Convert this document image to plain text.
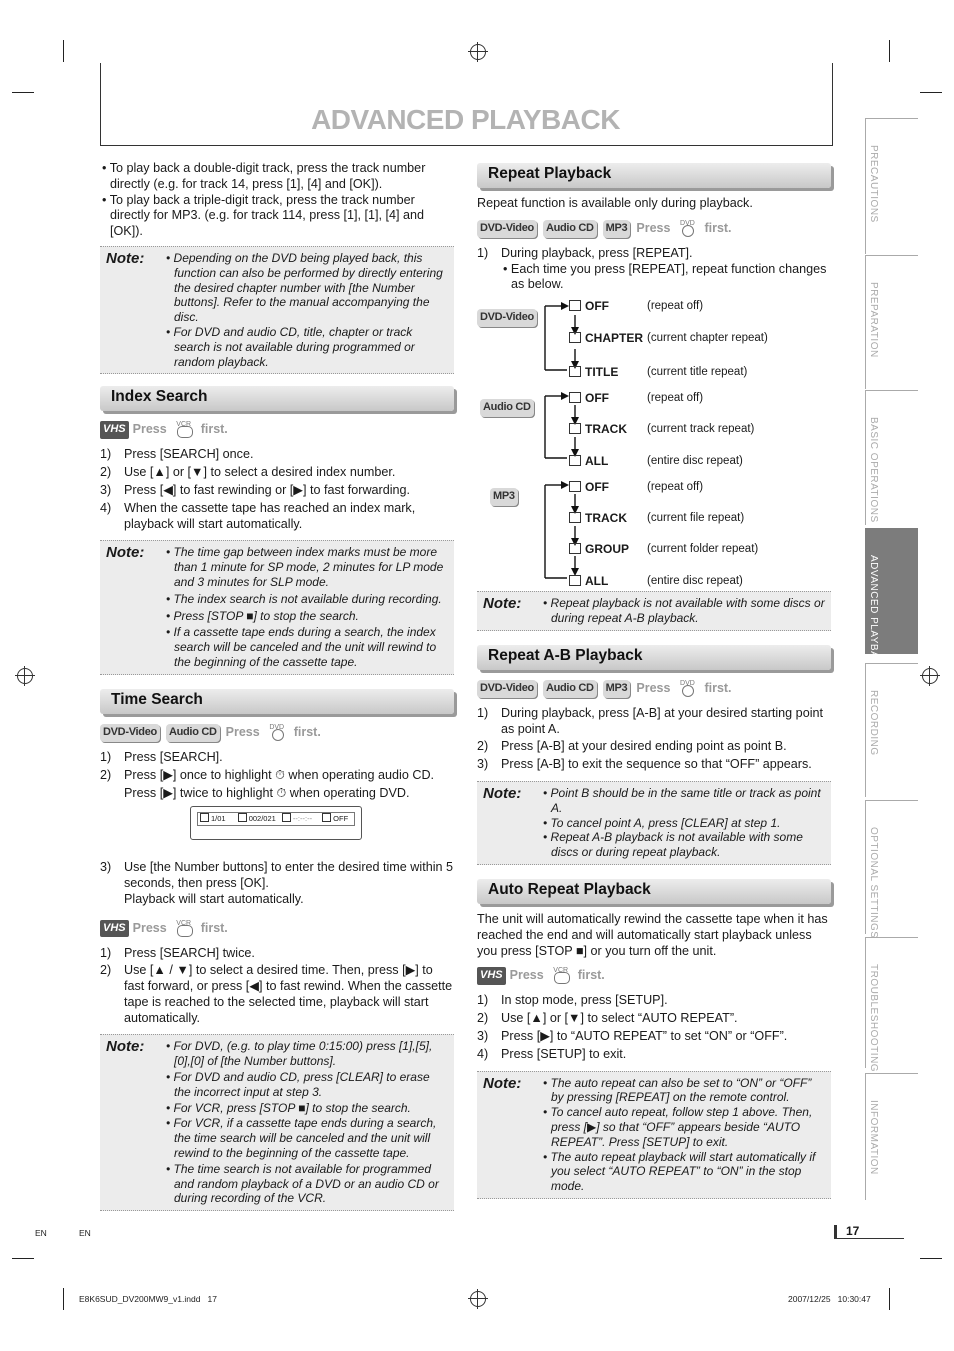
ADVANCED PLAYBACK
PRECAUTIONS
PREPARATION
BASIC OPERATIONS
ADVANCED PLAYBACK
RECORDING
OPTIONAL SETTINGS
TROUBLESHOOTING
INFORMATION

• To play back a double-digit track, press the track number directly (e.g. for track 14, press [1], [4] and [OK]).

• To play back a triple-digit track, press the track number directly for MP3. (e.g. for track 114, press [1], [1], [4] and [OK]).

Note: • Depending on the DVD being played back, this function can also be performed by directly entering the desired chapter number with [the Number buttons]. Refer to the manual accompanying the disc.

• For DVD and audio CD, title, chapter or track search is not available during programmed or random playback.

Index Search
VHS Press	VCR first.
1)	Press [SEARCH] once.
2)	Use [▲] or [▼] to select a desired index number.
3)	Press [◀] to fast rewinding or [▶] to fast forwarding.
4)	When the cassette tape has reached an index mark, playback will start automatically.
Note: • The time gap between index marks must be more than 1 minute for SP mode, 2 minutes for LP mode and 3 minutes for SLP mode.

• The index search is not available during recording.

• Press [STOP ■] to stop the search.

• If a cassette tape ends during a search, the index search will be canceled and the unit will rewind to the beginning of the cassette tape.

Time Search
DVD-Video Audio CD Press	DVD first.
1)	Press [SEARCH].
2)	Press [▶] once to highlight ⏱ when operating audio CD.
Press [▶] twice to highlight ⏱ when operating DVD.
1/01	002/021 --:--:--	OFF
3)	Use [the Number buttons] to enter the desired time within 5 seconds, then press [OK].
Playback will start automatically.
VHS Press	VCR first.
1)	Press [SEARCH] twice.
2)	Use [▲ / ▼] to select a desired time. Then, press [▶] to fast forward, or press [◀] to fast rewind. When the cassette tape is reached to the selected time, playback will start automatically.
Note: • For DVD, (e.g. to play time 0:15:00) press [1],[5],[0],[0] of [the Number buttons].

• For DVD and audio CD, press [CLEAR] to erase the incorrect input at step 3.

• For VCR, press [STOP ■] to stop the search.

• For VCR, if a cassette tape ends during a search, the time search will be canceled and the unit will rewind to the beginning of the cassette tape.

• The time search is not available for programmed and random playback of a DVD or an audio CD or during recording of the VCR.

Repeat Playback

Repeat function is available only during playback.

DVD-Video Audio CD MP3 Press	DVD first.
1)	During playback, press [REPEAT].
• Each time you press [REPEAT], repeat function changes as below.
DVD-Video
Audio CD
MP3
OFF	(repeat off)
CHAPTER (current chapter repeat)
TITLE (current title repeat)
OFF	(repeat off)
TRACK (current track repeat)
ALL	(entire disc repeat)
OFF	(repeat off)
TRACK (current file repeat)
GROUP (current folder repeat)
ALL	(entire disc repeat)
Note: • Repeat playback is not available with some discs or during repeat A-B playback.

Repeat A-B Playback
DVD-Video Audio CD MP3 Press	DVD first.
1)	During playback, press [A-B] at your desired starting point as point A.
2)	Press [A-B] at your desired ending point as point B.
3)	Press [A-B] to exit the sequence so that “OFF” appears.
Note: • Point B should be in the same title or track as point A.

• To cancel point A, press [CLEAR] at step 1.

• Repeat A-B playback is not available with some discs or during repeat playback.

Auto Repeat Playback

The unit will automatically rewind the cassette tape when it has reached the end and will automatically start playback unless you press [STOP ■] or you turn off the unit.

VHS Press	VCR first.
1)	In stop mode, press [SETUP].
2)	Use [▲] or [▼] to select “AUTO REPEAT”.
3)	Press [▶] to “AUTO REPEAT” to set “ON” or “OFF”.
4)	Press [SETUP] to exit.
Note: • The auto repeat can also be set to “ON” or “OFF” by pressing [REPEAT] on the remote control.

• To cancel auto repeat, follow step 1 above. Then, press [▶] so that “OFF” appears beside “AUTO REPEAT”. Press [SETUP] to exit.

• The auto repeat playback will start automatically if you select “AUTO REPEAT” to “ON” in the stop mode.

17
EN	EN
E8K6SUD_DV200MW9_v1.indd   17	2007/12/25   10:30:47
